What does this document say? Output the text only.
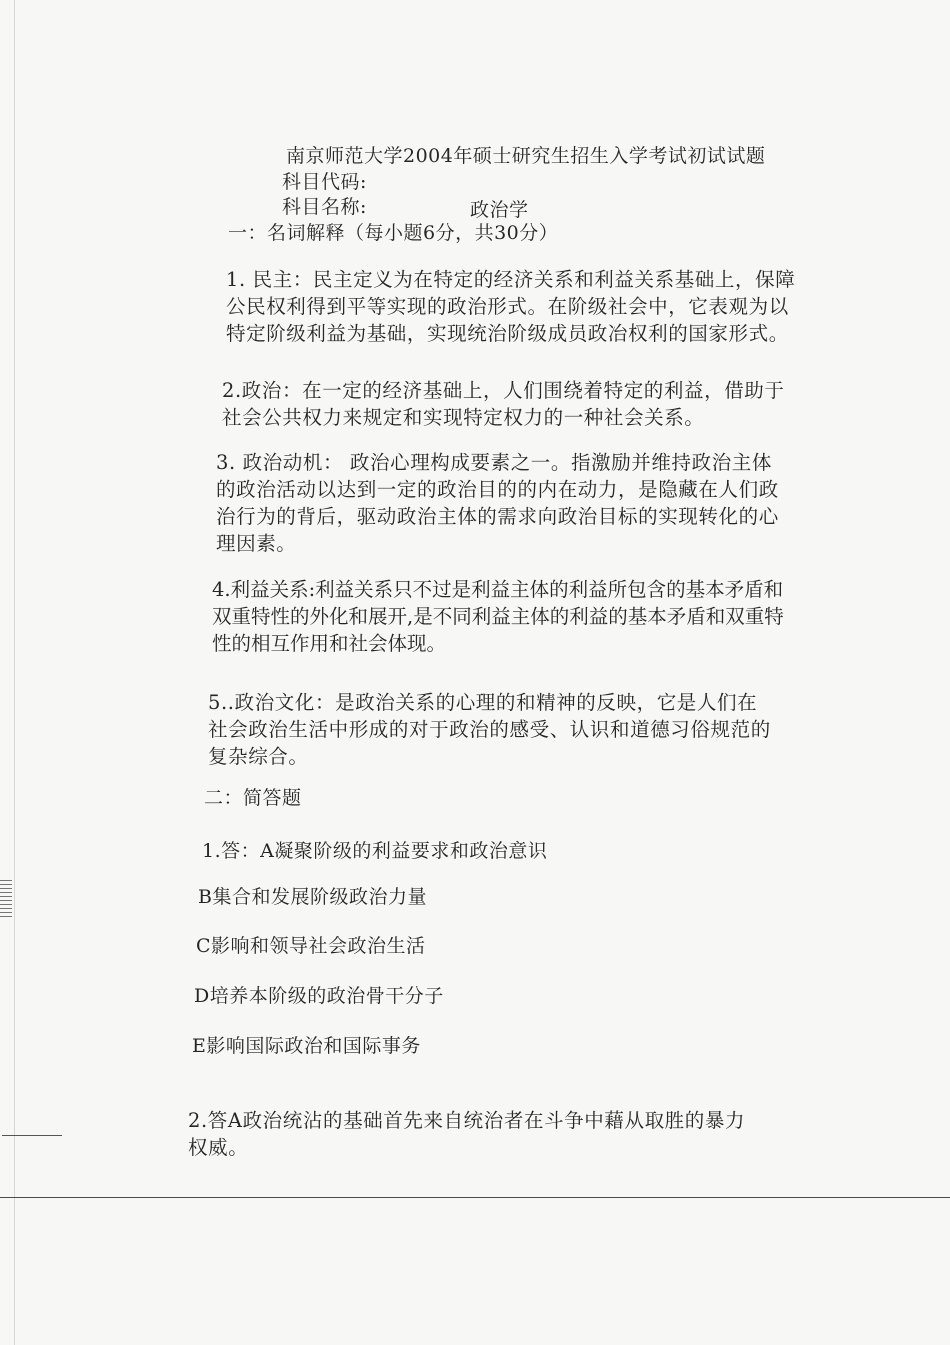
南京师范大学2004年硕士研究生招生入学考试初试试题
科目代码:
科目名称:	政治学
一：名词解释（每小题6分，共30分）

1. 民主：民主定义为在特定的经济关系和利益关系基础上，保障

公民权利得到平等实现的政治形式。在阶级社会中，它表观为以

特定阶级利益为基础，实现统治阶级成员政冶权利的国家形式。

2.政治：在一定的经济基础上，人们围绕着特定的利益，借助于

社会公共权力来规定和实现特定权力的一种社会关系。

3. 政治动机： 政治心理构成要素之一。指激励并维持政治主体

的政治活动以达到一定的政治目的的内在动力，是隐藏在人们政

治行为的背后，驱动政治主体的需求向政治目标的实现转化的心

理因素。

4.利益关系:利益关系只不过是利益主体的利益所包含的基本矛盾和

双重特性的外化和展开,是不同利益主体的利益的基本矛盾和双重特

性的相互作用和社会体现。

5..政治文化：是政治关系的心理的和精神的反映，它是人们在

社会政治生活中形成的对于政治的感受、认识和道德习俗规范的

复杂综合。

二：简答题
1.答：A凝聚阶级的利益要求和政治意识
B集合和发展阶级政治力量
C影响和领导社会政治生活
D培养本阶级的政治骨干分子
E影响国际政治和国际事务

2.答A政治统沾的基础首先来自统治者在斗争中藉从取胜的暴力

权威。
